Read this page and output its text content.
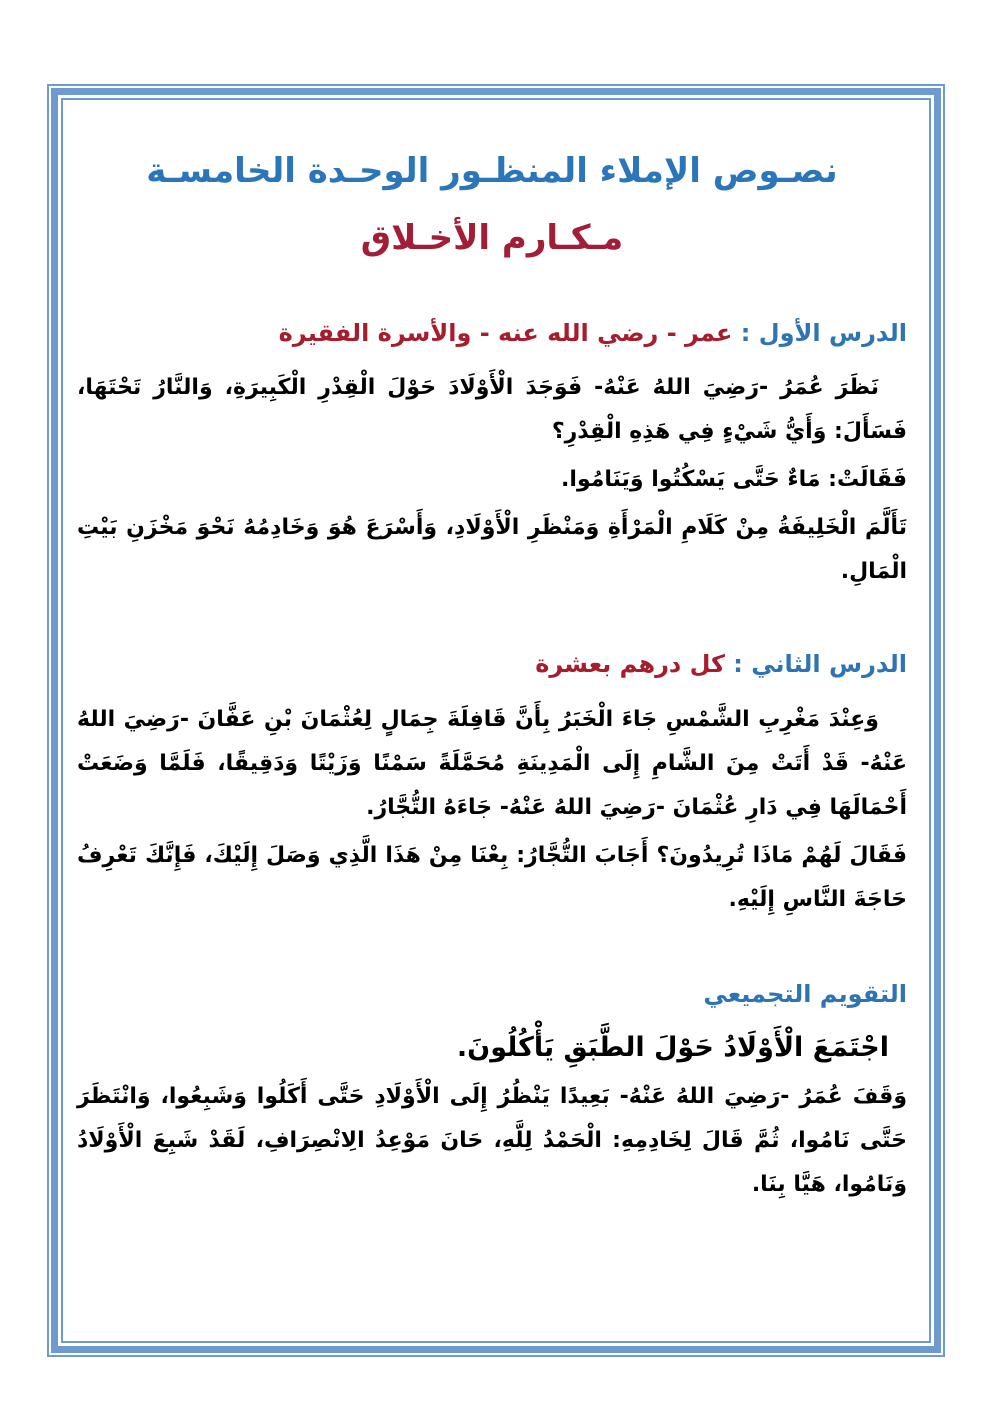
نصـوص الإملاء المنظـور الوحـدة الخامسـة
مـكـارم الأخـلاق
الدرس الأول : عمر - رضي الله عنه - والأسرة الفقيرة

نَظَرَ عُمَرُ -رَضِيَ اللهُ عَنْهُ- فَوَجَدَ الْأَوْلَادَ حَوْلَ الْقِدْرِ الْكَبِيرَةِ، وَالنَّارُ تَحْتَهَا، فَسَأَلَ: وَأَيُّ شَيْءٍ فِي هَذِهِ الْقِدْرِ؟

فَقَالَتْ: مَاءٌ حَتَّى يَسْكُتُوا وَيَنَامُوا.

تَأَلَّمَ الْخَلِيفَةُ مِنْ كَلَامِ الْمَرْأَةِ وَمَنْظَرِ الْأَوْلَادِ، وَأَسْرَعَ هُوَ وَخَادِمُهُ نَحْوَ مَخْزَنِ بَيْتِ الْمَالِ.

الدرس الثاني : كل درهم بعشرة

وَعِنْدَ مَغْرِبِ الشَّمْسِ جَاءَ الْخَبَرُ بِأَنَّ قَافِلَةَ جِمَالٍ لِعُثْمَانَ بْنِ عَفَّانَ -رَضِيَ اللهُ عَنْهُ- قَدْ أَتَتْ مِنَ الشَّامِ إِلَى الْمَدِينَةِ مُحَمَّلَةً سَمْنًا وَزَيْتًا وَدَقِيقًا، فَلَمَّا وَضَعَتْ أَحْمَالَهَا فِي دَارِ عُثْمَانَ -رَضِيَ اللهُ عَنْهُ- جَاءَهُ التُّجَّارُ.

فَقَالَ لَهُمْ مَاذَا تُرِيدُونَ؟ أَجَابَ التُّجَّارُ: بِعْنَا مِنْ هَذَا الَّذِي وَصَلَ إِلَيْكَ، فَإِنَّكَ تَعْرِفُ حَاجَةَ النَّاسِ إِلَيْهِ.

التقويم التجميعي

اجْتَمَعَ الْأَوْلَادُ حَوْلَ الطَّبَقِ يَأْكُلُونَ.

وَقَفَ عُمَرُ -رَضِيَ اللهُ عَنْهُ- بَعِيدًا يَنْظُرُ إِلَى الْأَوْلَادِ حَتَّى أَكَلُوا وَشَبِعُوا، وَانْتَظَرَ حَتَّى نَامُوا، ثُمَّ قَالَ لِخَادِمِهِ: الْحَمْدُ لِلَّهِ، حَانَ مَوْعِدُ الِانْصِرَافِ، لَقَدْ شَبِعَ الْأَوْلَادُ وَنَامُوا، هَيَّا بِنَا.
